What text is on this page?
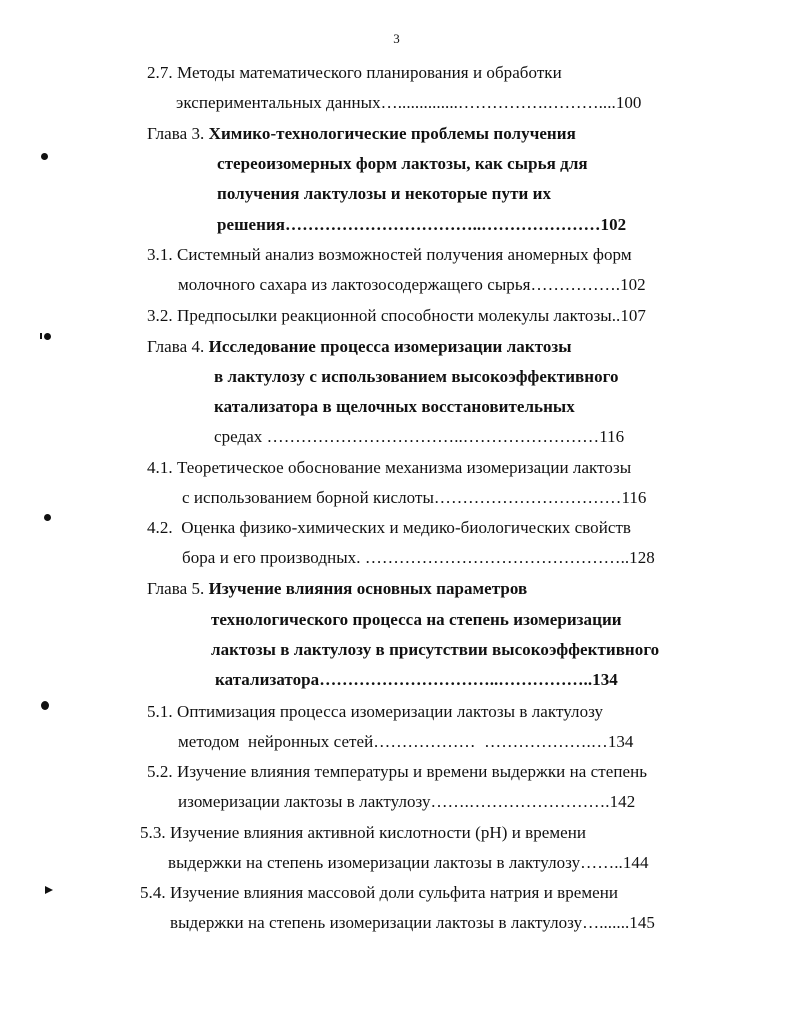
3
2.7. Методы математического планирования и обработки
экспериментальных данных…..............…………….………....100
Глава 3. Химико-технологические проблемы получения
стереоизомерных форм лактозы, как сырья для
получения лактулозы и некоторые пути их
решения……………………………..…………………102
3.1. Системный анализ возможностей получения аномерных форм
молочного сахара из лактозосодержащего сырья…………….102
3.2. Предпосылки реакционной способности молекулы лактозы..107
Глава 4. Исследование процесса изомеризации лактозы
в лактулозу с использованием высокоэффективного
катализатора в щелочных восстановительных
средах ……………………………..……………………116
4.1. Теоретическое обоснование механизма изомеризации лактозы
с использованием борной кислоты……………………………116
4.2.  Оценка физико-химических и медико-биологических свойств
бора и его производных. ………………………………………..128
Глава 5. Изучение влияния основных параметров
технологического процесса на степень изомеризации
лактозы в лактулозу в присутствии высокоэффективного
катализатора…………………………..……………..134
5.1. Оптимизация процесса изомеризации лактозы в лактулозу
методом  нейронных сетей………………  ……………….…134
5.2. Изучение влияния температуры и времени выдержки на степень
изомеризации лактозы в лактулозу…….…………………….142
5.3. Изучение влияния активной кислотности (рН) и времени
выдержки на степень изомеризации лактозы в лактулозу……..144
5.4. Изучение влияния массовой доли сульфита натрия и времени
выдержки на степень изомеризации лактозы в лактулозу….......145
